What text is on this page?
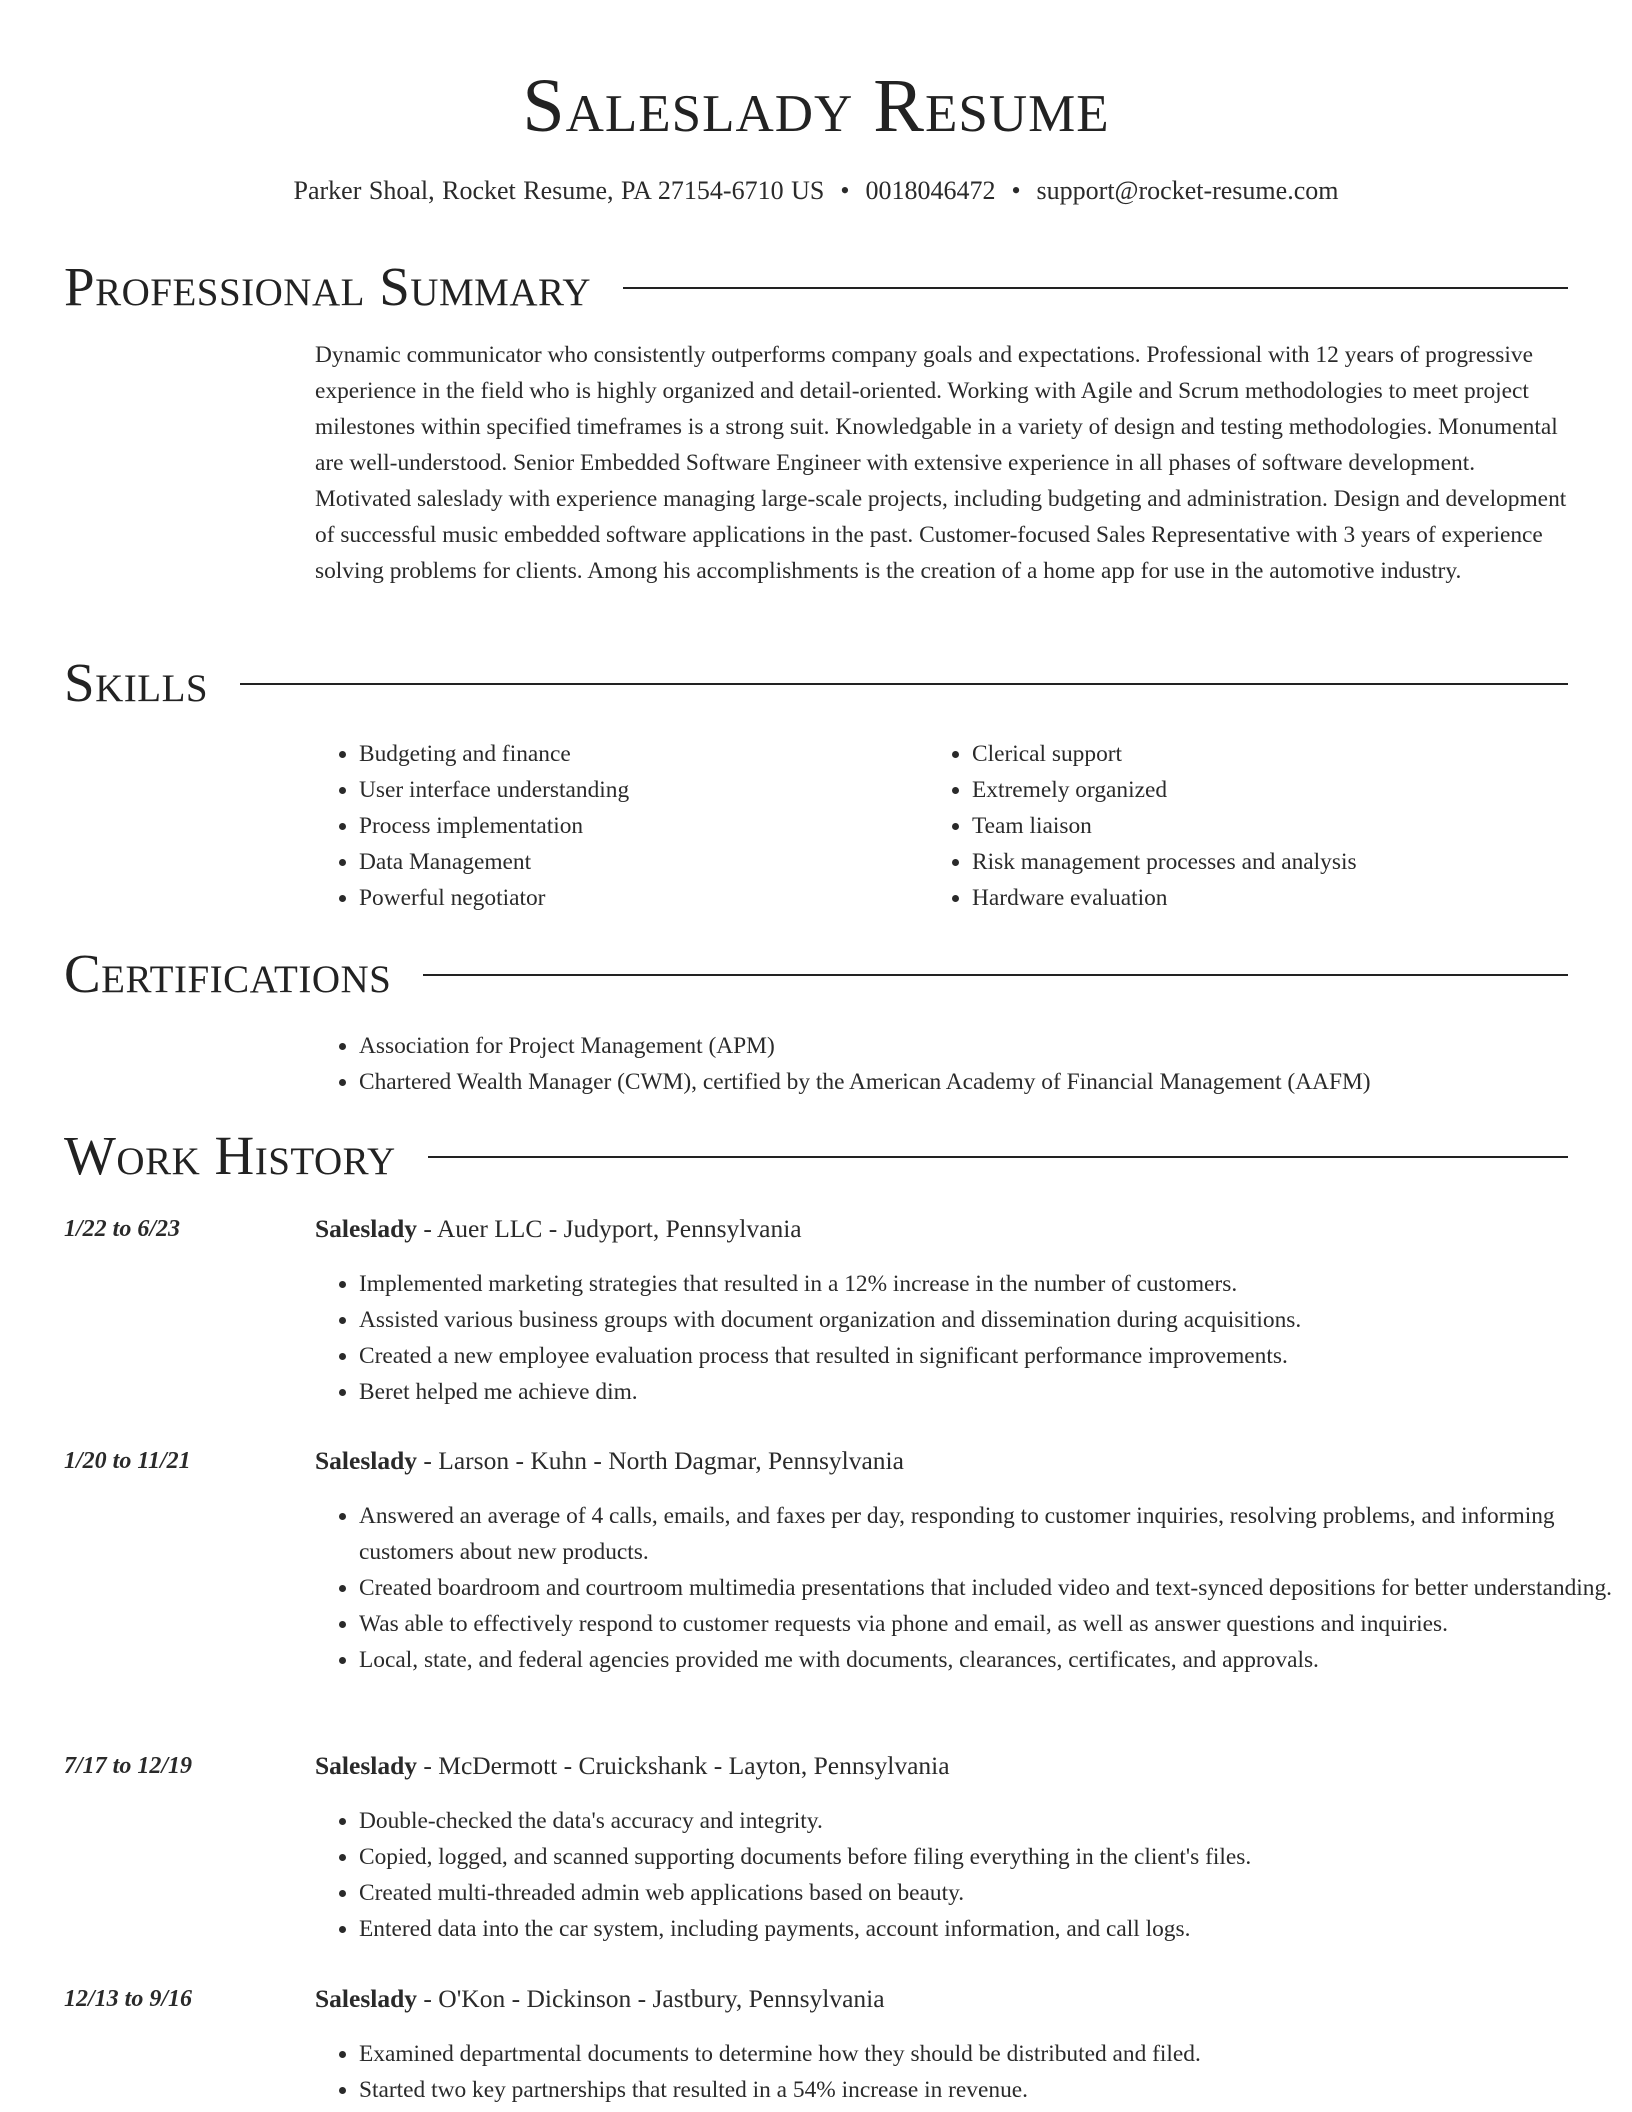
Saleslady Resume
Parker Shoal, Rocket Resume, PA 27154-6710 US • 0018046472 • support@rocket-resume.com
Professional Summary

Dynamic communicator who consistently outperforms company goals and expectations. Professional with 12 years of progressive experience in the field who is highly organized and detail-oriented. Working with Agile and Scrum methodologies to meet project milestones within specified timeframes is a strong suit. Knowledgable in a variety of design and testing methodologies. Monumental are well-understood. Senior Embedded Software Engineer with extensive experience in all phases of software development. Motivated saleslady with experience managing large-scale projects, including budgeting and administration. Design and development of successful music embedded software applications in the past. Customer-focused Sales Representative with 3 years of experience solving problems for clients. Among his accomplishments is the creation of a home app for use in the automotive industry.

Skills
• Budgeting and finance
• User interface understanding
• Process implementation
• Data Management
• Powerful negotiator
• Clerical support
• Extremely organized
• Team liaison
• Risk management processes and analysis
• Hardware evaluation
Certifications
• Association for Project Management (APM)
• Chartered Wealth Manager (CWM), certified by the American Academy of Financial Management (AAFM)
Work History
1/22 to 6/23	Saleslady - Auer LLC - Judyport, Pennsylvania
• Implemented marketing strategies that resulted in a 12% increase in the number of customers.
• Assisted various business groups with document organization and dissemination during acquisitions.
• Created a new employee evaluation process that resulted in significant performance improvements.
• Beret helped me achieve dim.
1/20 to 11/21	Saleslady - Larson - Kuhn - North Dagmar, Pennsylvania
• Answered an average of 4 calls, emails, and faxes per day, responding to customer inquiries, resolving problems, and informing customers about new products.
• Created boardroom and courtroom multimedia presentations that included video and text-synced depositions for better understanding.
• Was able to effectively respond to customer requests via phone and email, as well as answer questions and inquiries.
• Local, state, and federal agencies provided me with documents, clearances, certificates, and approvals.
7/17 to 12/19	Saleslady - McDermott - Cruickshank - Layton, Pennsylvania
• Double-checked the data's accuracy and integrity.
• Copied, logged, and scanned supporting documents before filing everything in the client's files.
• Created multi-threaded admin web applications based on beauty.
• Entered data into the car system, including payments, account information, and call logs.
12/13 to 9/16	Saleslady - O'Kon - Dickinson - Jastbury, Pennsylvania
• Examined departmental documents to determine how they should be distributed and filed.
• Started two key partnerships that resulted in a 54% increase in revenue.
